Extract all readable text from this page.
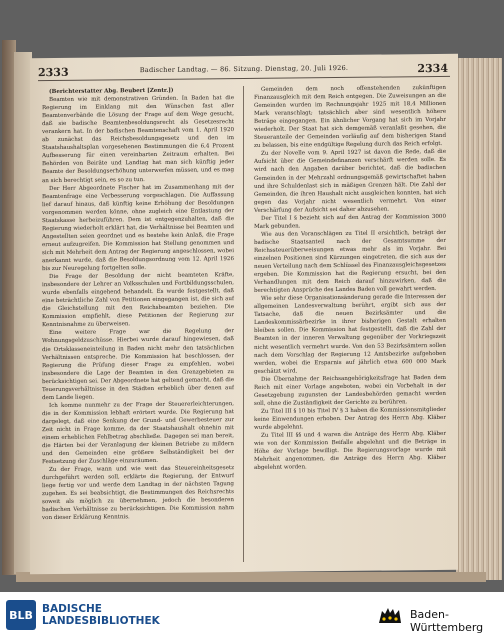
2333	Badischer Landtag. — 86. Sitzung. Dienstag, 20. Juli 1926.	2334

(Berichterstatter Abg. Beubert [Zentr.])

Beamten wie mit demonstrativen Gründen. In Baden hat die Regierung im Einklang mit den Wünschen fast aller Beamtenverbände die Lösung der Frage auf dem Wege gesucht, daß sie badische Beamtenbesoldungsrecht als Gesetzesrecht verankern hat. In der badischen Beamtenschaft vom 1. April 1920 ab zunächst das Reichsbesoldungsgesetz und den im Staatshaushaltsplan vorgesehenen Bestimmungen die 6,4 Prozent Aufbesserung für einen vereinbarten Zeitraum erhalten. Bei Behörden von Beiräte und Landtag hat man sich künftig jeder Beamte der Besoldungserhöhung unterwerfen müssen, und es mag an sich berechtigt sein, es so zu tun.

Der Herr Abgeordnete Fischer hat im Zusammenhang mit der Beamtenfrage eine Verbesserung vorgeschlagen. Die Auffassung lief darauf hinaus, daß künftig keine Erhöhung der Besoldungen vorgenommen werden könne, ohne zugleich eine Entlastung der Staatskasse herbeizuführen. Dem ist entgegenzuhalten, daß die Regierung wiederholt erklärt hat, die Verhältnisse bei Beamten und Angestellten seien geordnet und es bestehe kein Anlaß, die Frage erneut aufzugreifen. Die Kommission hat Stellung genommen und sich mit Mehrheit dem Antrag der Regierung angeschlossen, wobei anerkannt wurde, daß die Besoldungsordnung vom 12. April 1926 bis zur Neuregelung fortgelten solle.

Die Frage der Besoldung der nicht beamteten Kräfte, insbesondere der Lehrer an Volksschulen und Fortbildungsschulen, wurde ebenfalls eingehend behandelt. Es wurde festgestellt, daß eine beträchtliche Zahl von Petitionen eingegangen ist, die sich auf die Gleichstellung mit den Reichsbeamten beziehen. Die Kommission empfiehlt, diese Petitionen der Regierung zur Kenntnisnahme zu überweisen.

Eine weitere Frage war die Regelung der Wohnungsgeldzuschüsse. Hierbei wurde darauf hingewiesen, daß die Ortsklasseneinteilung in Baden nicht mehr den tatsächlichen Verhältnissen entspreche. Die Kommission hat beschlossen, der Regierung die Prüfung dieser Frage zu empfehlen, wobei insbesondere die Lage der Beamten in den Grenzgebieten zu berücksichtigen sei. Der Abgeordnete hat geltend gemacht, daß die Teuerungsverhältnisse in den Städten erheblich über denen auf dem Lande liegen.

Ich komme nunmehr zu der Frage der Steuererleichterungen, die in der Kommission lebhaft erörtert wurde. Die Regierung hat dargelegt, daß eine Senkung der Grund- und Gewerbesteuer zur Zeit nicht in Frage komme, da der Staatshaushalt ohnehin mit einem erheblichen Fehlbetrag abschließe. Dagegen sei man bereit, die Härten bei der Veranlagung der kleinen Betriebe zu mildern und den Gemeinden eine größere Selbständigkeit bei der Festsetzung der Zuschläge einzuräumen.

Zu der Frage, wann und wie weit das Steuereinheitsgesetz durchgeführt werden soll, erklärte die Regierung, der Entwurf liege fertig vor und werde dem Landtag in der nächsten Tagung zugehen. Es sei beabsichtigt, die Bestimmungen des Reichsrechts soweit als möglich zu übernehmen, jedoch die besonderen badischen Verhältnisse zu berücksichtigen. Die Kommission nahm von dieser Erklärung Kenntnis.

Gemeinden dem noch offenstehenden zukünftigen Finanzausgleich mit dem Reich entgegen. Die Zuweisungen an die Gemeinden wurden im Rechnungsjahr 1925 mit 18,4 Millionen Mark veranschlagt; tatsächlich aber sind wesentlich höhere Beträge eingegangen. Ein ähnlicher Vorgang hat sich im Vorjahr wiederholt. Der Staat hat sich demgemäß veranlaßt gesehen, die Steueranteile der Gemeinden vorläufig auf dem bisherigen Stand zu belassen, bis eine endgültige Regelung durch das Reich erfolgt.

Zu der Novelle vom 9. April 1927 ist davon die Rede, daß die Aufsicht über die Gemeindefinanzen verschärft werden solle. Es wird nach den Angaben darüber berichtet, daß die badischen Gemeinden in der Mehrzahl ordnungsgemäß gewirtschaftet haben und ihre Schuldenlast sich in mäßigen Grenzen hält. Die Zahl der Gemeinden, die ihren Haushalt nicht ausgleichen konnten, hat sich gegen das Vorjahr nicht wesentlich vermehrt. Von einer Verschärfung der Aufsicht sei daher abzusehen.

Der Titel I § bezieht sich auf den Antrag der Kommission 3000 Mark gebunden.

Wie aus den Voranschlägen zu Titel II ersichtlich, beträgt der badische Staatsanteil nach der Gesamtsumme der Reichssteuerüberweisungen etwas mehr als im Vorjahr. Bei einzelnen Positionen sind Kürzungen eingetreten, die sich aus der neuen Verteilung nach dem Schlüssel des Finanzausgleichsgesetzes ergeben. Die Kommission hat die Regierung ersucht, bei den Verhandlungen mit dem Reich darauf hinzuwirken, daß die berechtigten Ansprüche des Landes Baden voll gewahrt werden.

Wie sehr diese Organisationsänderung gerade die Interessen der allgemeinen Landesverwaltung berührt, ergibt sich aus der Tatsache, daß die neuen Bezirksämter und die Landeskommissärbezirke in ihrer bisherigen Gestalt erhalten bleiben sollen. Die Kommission hat festgestellt, daß die Zahl der Beamten in der inneren Verwaltung gegenüber der Vorkriegszeit nicht wesentlich vermehrt wurde. Von den 53 Bezirksämtern sollen nach dem Vorschlag der Regierung 12 Amtsbezirke aufgehoben werden, wobei die Ersparnis auf jährlich etwa 600 000 Mark geschätzt wird.

Die Übernahme der Reichsangehörigkeitsfrage hat Baden dem Reich mit einer Vorlage angeboten, wobei ein Vorbehalt in der Gesetzgebung zugunsten der Landesbehörden gemacht werden soll, ohne die Zuständigkeit der Gerichte zu berühren.

Zu Titel III § 10 bis Titel IV § 3 haben die Kommissionsmitglieder keine Einwendungen erhoben. Der Antrag des Herrn Abg. Kläber wurde abgelehnt.

Zu Titel III §§ und 4 waren die Anträge des Herrn Abg. Kläber wie von der Kommission Beifalle abgelehnt und die Beträge in Höhe der Vorlage bewilligt. Die Regierungsvorlage wurde mit Mehrheit angenommen, die Anträge des Herrn Abg. Kläber abgelehnt worden.

BLB BADISCHE
LANDESBIBLIOTHEK	Baden-Württemberg
